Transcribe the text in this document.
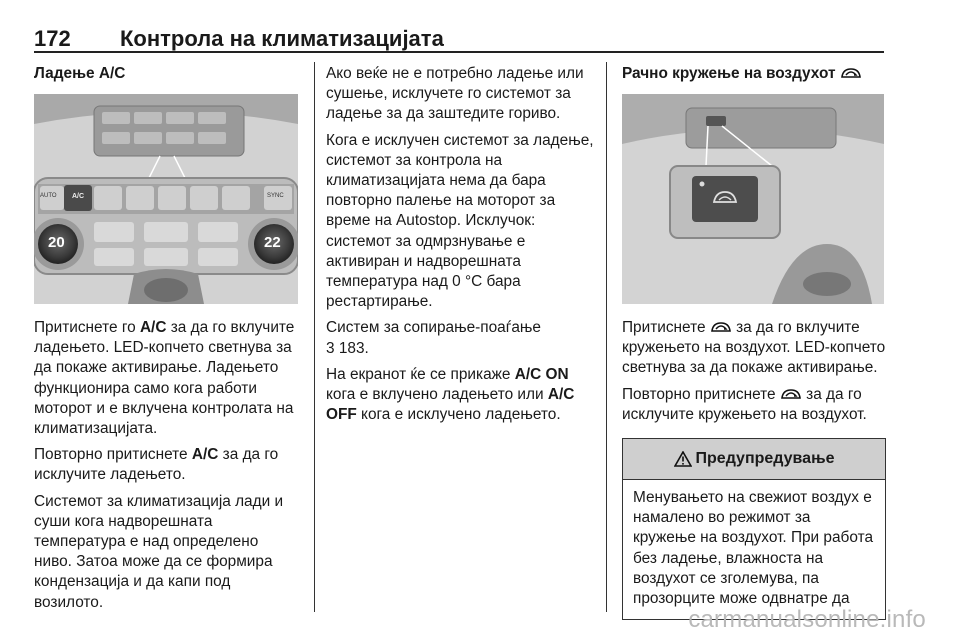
172 Контрола на климатизацијата

Ладење A/C

AUTO A/C	SYNC
20	22

Притиснете го A/C за да го вклучите ладењето. LED-копчето светнува за да покаже активирање. Ладењето функционира само кога работи моторот и е вклучена контролата на климатизацијата.

Повторно притиснете A/C за да го исклучите ладењето.

Системот за климатизација лади и суши кога надворешната температура е над определено ниво. Затоа може да се формира кондензација и да капи под возилото.

Ако веќе не е потребно ладење или сушење, исклучете го системот за ладење за да заштедите гориво.

Кога е исклучен системот за ладење, системот за контрола на климатизацијата нема да бара повторно палење на моторот за време на Autostop. Исклучок: системот за одмрзнување е активиран и надворешната температура над 0 °C бара рестартирање.

Систем за сопирање-поаѓање
3 183.

На екранот ќе се прикаже A/C ON кога е вклучено ладењето или A/C OFF кога е исклучено ладењето.

Рачно кружење на воздухот

Притиснете  за да го вклучите кружењето на воздухот. LED-копчето светнува за да покаже активирање.

Повторно притиснете  за да го исклучите кружењето на воздухот.

Предупредување
Менувањето на свежиот воздух е намалено во режимот за кружење на воздухот. При работа без ладење, влажноста на воздухот се зголемува, па прозорците може одвнатре да
carmanualsonline.info
